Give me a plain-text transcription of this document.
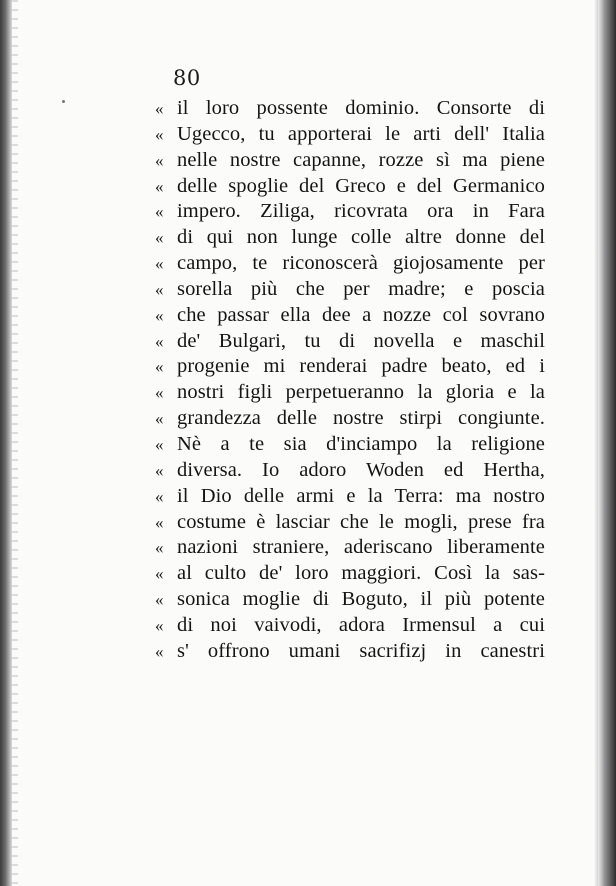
80
« il loro possente dominio. Consorte di
« Ugecco, tu apporterai le arti dell' Italia
« nelle nostre capanne, rozze sì ma piene
« delle spoglie del Greco e del Germanico
« impero. Ziliga, ricovrata ora in Fara
« di qui non lunge colle altre donne del
« campo, te riconoscerà giojosamente per
« sorella più che per madre; e poscia
« che passar ella dee a nozze col sovrano
« de' Bulgari, tu di novella e maschil
« progenie mi renderai padre beato, ed i
« nostri figli perpetueranno la gloria e la
« grandezza delle nostre stirpi congiunte.
« Nè a te sia d'inciampo la religione
« diversa. Io adoro Woden ed Hertha,
« il Dio delle armi e la Terra: ma nostro
« costume è lasciar che le mogli, prese fra
« nazioni straniere, aderiscano liberamente
« al culto de' loro maggiori. Così la sas-
« sonica moglie di Boguto, il più potente
« di noi vaivodi, adora Irmensul a cui
« s' offrono umani sacrifizj in canestri
